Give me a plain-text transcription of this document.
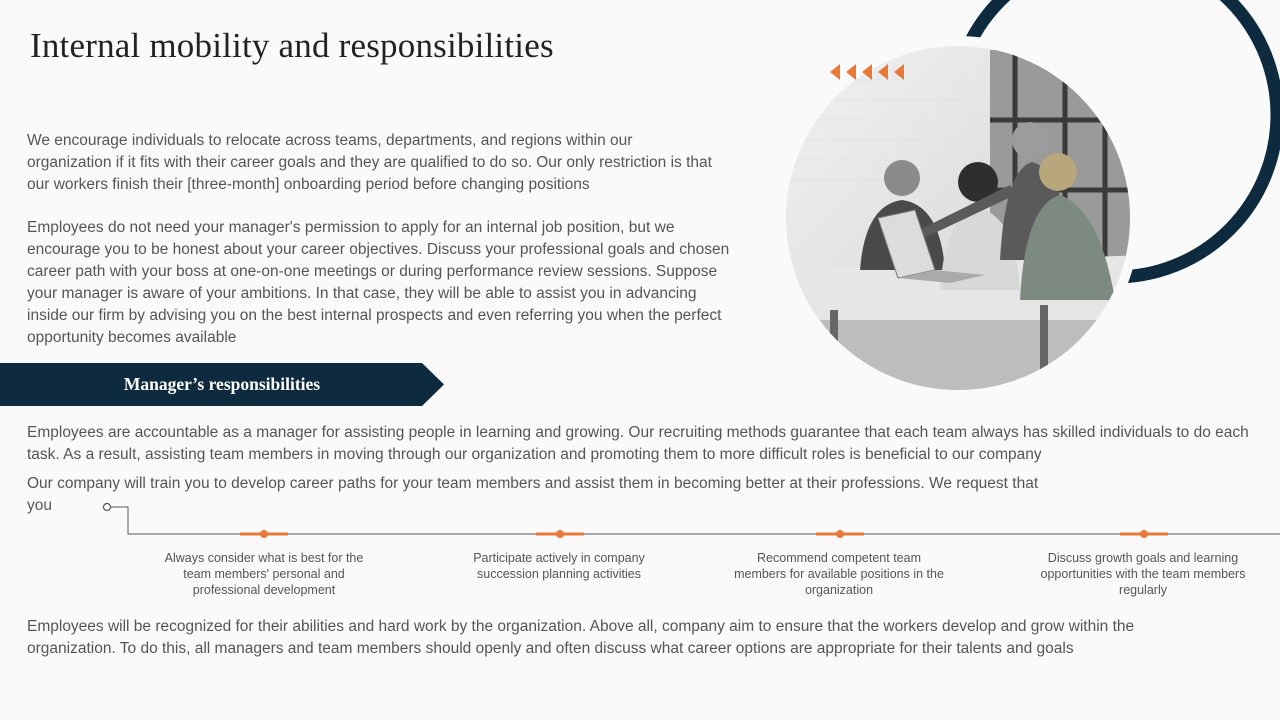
Internal mobility and responsibilities

We encourage individuals to relocate across teams, departments, and regions within our organization if it fits with their career goals and they are qualified to do so. Our only restriction is that our workers finish their [three-month] onboarding period before changing positions

Employees do not need your manager's permission to apply for an internal job position, but we encourage you to be honest about your career objectives. Discuss your professional goals and chosen career path with your boss at one-on-one meetings or during performance review sessions. Suppose your manager is aware of your ambitions. In that case, they will be able to assist you in advancing inside our firm by advising you on the best internal prospects and even referring you when the perfect opportunity becomes available

Manager’s responsibilities

Employees are accountable as a manager for assisting people in learning and growing. Our recruiting methods guarantee that each team always has skilled individuals to do each task. As a result, assisting team members in moving through our organization and promoting them to more difficult roles is beneficial to our company

Our company will train you to develop career paths for your team members and assist them in becoming better at their professions. We request that you

Always consider what is best for the team members' personal and professional development
Participate actively in company succession planning activities
Recommend competent team members for available positions in the organization
Discuss growth goals and learning opportunities with the team members regularly

Employees will be recognized for their abilities and hard work by the organization. Above all, company aim to ensure that the workers develop and grow within the organization. To do this, all managers and team members should openly and often discuss what career options are appropriate for their talents and goals
